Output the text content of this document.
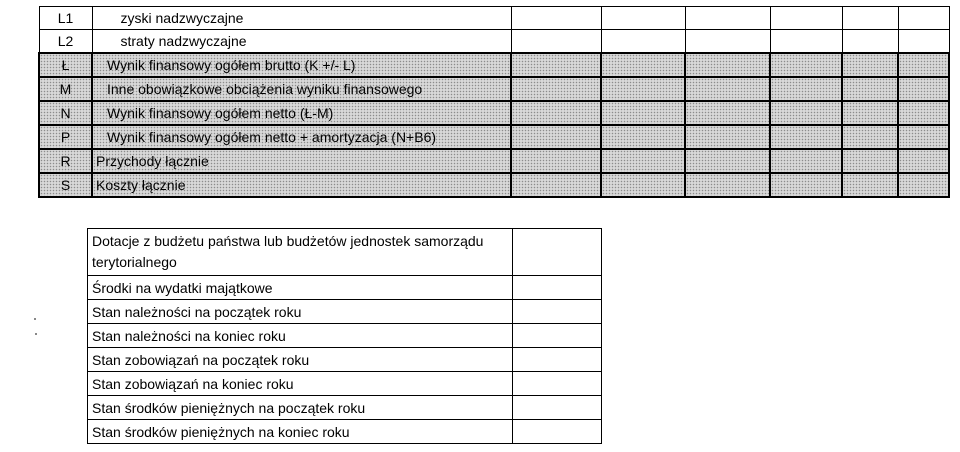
L1	zyski nadzwyczajne						
L2	straty nadzwyczajne						
Ł	Wynik finansowy ogółem brutto (K +/- L)						
M	Inne obowiązkowe obciążenia wyniku finansowego						
N	Wynik finansowy ogółem netto (Ł-M)						
P	Wynik finansowy ogółem netto + amortyzacja (N+B6)						
R	Przychody łącznie						
S	Koszty łącznie						
Dotacje z budżetu państwa lub budżetów jednostek samorządu terytorialnego	
Środki na wydatki majątkowe	
Stan należności na początek roku	
Stan należności na koniec roku	
Stan zobowiązań na początek roku	
Stan zobowiązań na koniec roku	
Stan środków pieniężnych na początek roku	
Stan środków pieniężnych na koniec roku	
